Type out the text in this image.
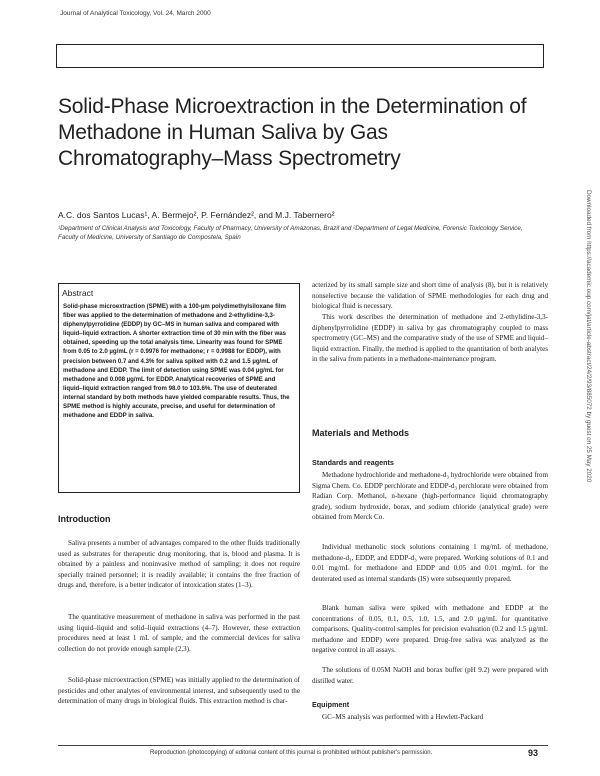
Journal of Analytical Toxicology, Vol. 24, March 2000
Solid-Phase Microextraction in the Determination of Methadone in Human Saliva by Gas Chromatography–Mass Spectrometry

A.C. dos Santos Lucas¹, A. Bermejo², P. Fernández², and M.J. Tabernero²

¹Department of Clinical Analysis and Toxicology, Faculty of Pharmacy, University of Amazonas, Brazil and ²Department of Legal Medicine, Forensic Toxicology Service, Faculty of Medicine, University of Santiago de Compostela, Spain	Downloaded from https://academic.oup.com/jat/article-abstract/24/2/93/885072 by guest on 25 May 2020
Abstract

Solid-phase microextraction (SPME) with a 100-µm polydimethylsiloxane film fiber was applied to the determination of methadone and 2-ethylidine-3,3-diphenylpyrrolidine (EDDP) by GC–MS in human saliva and compared with liquid–liquid extraction. A shorter extraction time of 30 min with the fiber was obtained, speeding up the total analysis time. Linearity was found for SPME from 0.05 to 2.0 µg/mL (r = 0.9976 for methadone; r = 0.9988 for EDDP), with precision between 0.7 and 4.3% for saliva spiked with 0.2 and 1.5 µg/mL of methadone and EDDP. The limit of detection using SPME was 0.04 µg/mL for methadone and 0.008 µg/mL for EDDP. Analytical recoveries of SPME and liquid–liquid extraction ranged from 98.0 to 103.6%. The use of deuterated internal standard by both methods have yielded comparable results. Thus, the SPME method is highly accurate, precise, and useful for determination of methadone and EDDP in saliva.

Introduction

Saliva presents a number of advantages compared to the other fluids traditionally used as substrates for therapeutic drug monitoring, that is, blood and plasma. It is obtained by a painless and noninvasive method of sampling; it does not require specially trained personnel; it is readily available; it contains the free fraction of drugs and, therefore, is a better indicator of intoxication states (1–3).

The quantitative measurement of methadone in saliva was performed in the past using liquid–liquid and solid–liquid extractions (4–7). However, these extraction procedures need at least 1 mL of sample, and the commercial devices for saliva collection do not provide enough sample (2,3).

Solid-phase microextraction (SPME) was initially applied to the determination of pesticides and other analytes of environmental interest, and subsequently used to the determination of many drugs in biological fluids. This extraction method is char-

acterized by its small sample size and short time of analysis (8), but it is relatively nonselective because the validation of SPME methodologies for each drug and biological fluid is necessary.

This work describes the determination of methadone and 2-ethylidine-3,3-diphenylpyrrolidine (EDDP) in saliva by gas chromatography coupled to mass spectrometry (GC–MS) and the comparative study of the use of SPME and liquid–liquid extraction. Finally, the method is applied to the quantitation of both analytes in the saliva from patients in a methadone-maintenance program.

Materials and Methods
Standards and reagents

Methadone hydrochloride and methadone-d₃ hydrochloride were obtained from Sigma Chem. Co. EDDP perchlorate and EDDP-d₃ perchlorate were obtained from Radian Corp. Methanol, n-hexane (high-performance liquid chromatography grade), sodium hydroxide, borax, and sodium chloride (analytical grade) were obtained from Merck Co.

Individual methanolic stock solutions containing 1 mg/mL of methadone, methadone-d₃, EDDP, and EDDP-d₃ were prepared. Working solutions of 0.1 and 0.01 mg/mL for methadone and EDDP and 0.05 and 0.01 mg/mL for the deuterated used as internal standards (IS) were subsequently prepared.

Blank human saliva were spiked with methadone and EDDP at the concentrations of 0.05, 0.1, 0.5, 1.0, 1.5, and 2.0 µg/mL for quantitative comparisons. Quality-control samples for precision evaluation (0.2 and 1.5 µg/mL methadone and EDDP) were prepared. Drug-free saliva was analyzed as the negative control in all assays.

The solutions of 0.05M NaOH and borax buffer (pH 9.2) were prepared with distilled water.

Equipment

GC–MS analysis was performed with a Hewlett-Packard

Reproduction (photocopying) of editorial content of this journal is prohibited without publisher's permission.	93
